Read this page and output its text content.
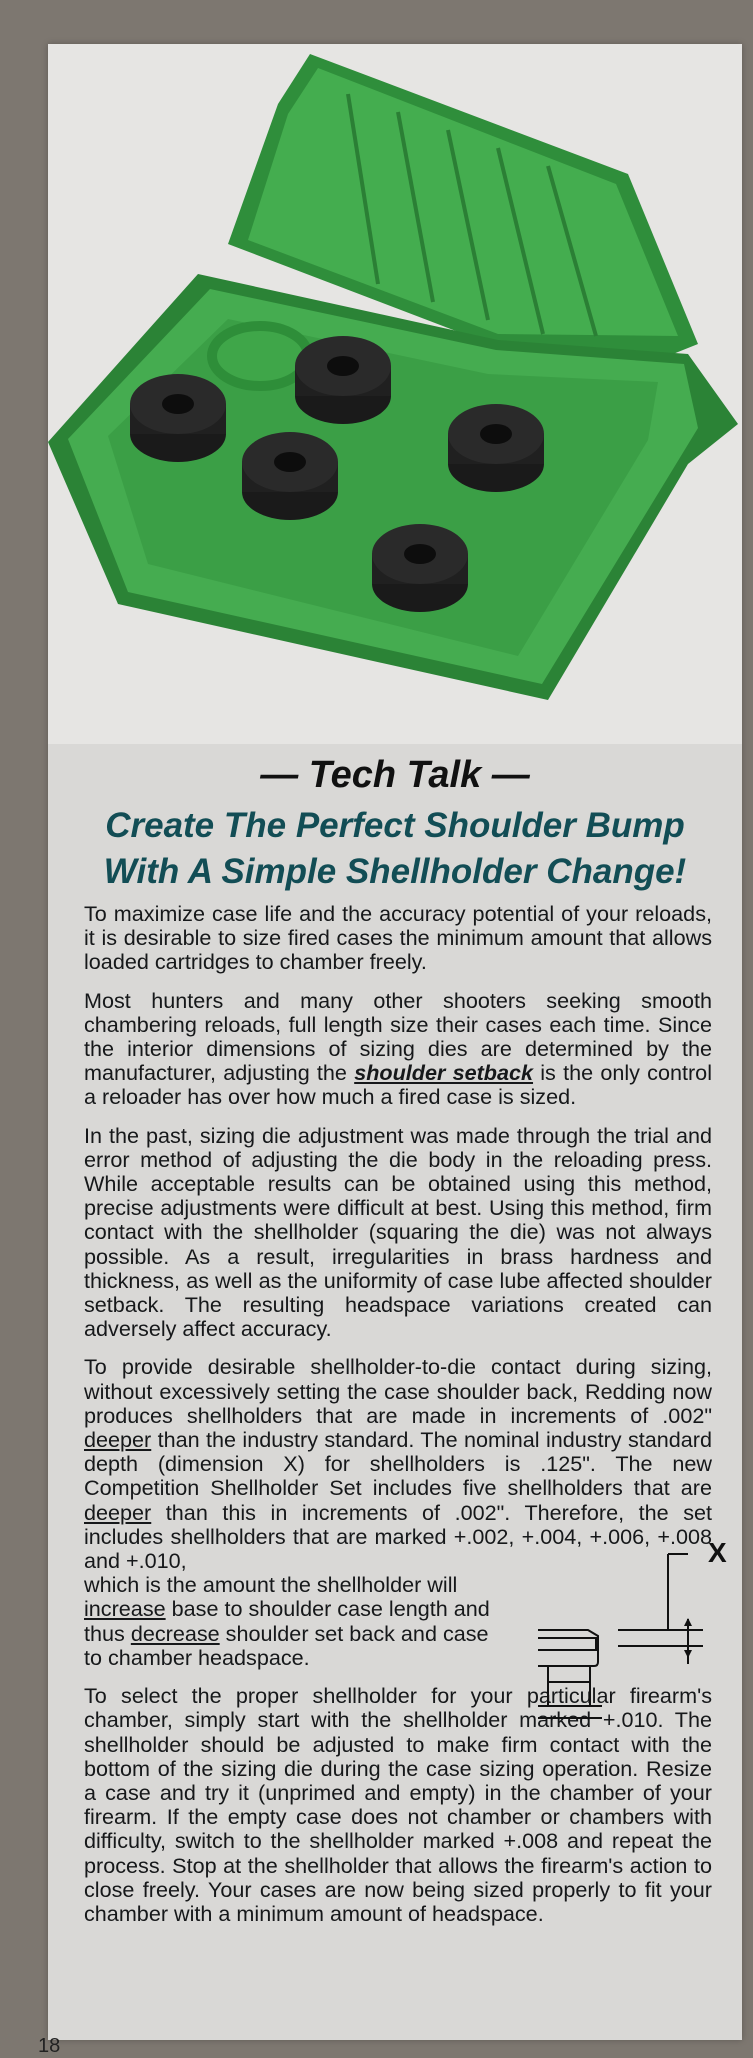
— Tech Talk —
Create The Perfect Shoulder Bump
With A Simple Shellholder Change!

To maximize case life and the accuracy potential of your reloads, it is desirable to size fired cases the minimum amount that allows loaded cartridges to chamber freely.

Most hunters and many other shooters seeking smooth chambering reloads, full length size their cases each time. Since the interior dimensions of sizing dies are determined by the manufacturer, adjusting the shoulder setback is the only control a reloader has over how much a fired case is sized.

In the past, sizing die adjustment was made through the trial and error method of adjusting the die body in the reloading press. While acceptable results can be obtained using this method, precise adjustments were difficult at best. Using this method, firm contact with the shellholder (squaring the die) was not always possible. As a result, irregularities in brass hardness and thickness, as well as the uniformity of case lube affected shoulder setback. The resulting headspace variations created can adversely affect accuracy.

To provide desirable shellholder-to-die contact during sizing, without excessively setting the case shoulder back, Redding now produces shellholders that are made in increments of .002" deeper than the industry standard. The nominal industry standard depth (dimension X) for shellholders is .125". The new Competition Shellholder Set includes five shellholders that are deeper than this in increments of .002". Therefore, the set includes shellholders that are marked +.002, +.004, +.006, +.008 and +.010,

which is the amount the shellholder will increase base to shoulder case length and thus decrease shoulder set back and case to chamber headspace.

To select the proper shellholder for your particular firearm's chamber, simply start with the shellholder marked +.010. The shellholder should be adjusted to make firm contact with the bottom of the sizing die during the case sizing operation. Resize a case and try it (unprimed and empty) in the chamber of your firearm. If the empty case does not chamber or chambers with difficulty, switch to the shellholder marked +.008 and repeat the process. Stop at the shellholder that allows the firearm's action to close freely. Your cases are now being sized properly to fit your chamber with a minimum amount of headspace.

X
18
